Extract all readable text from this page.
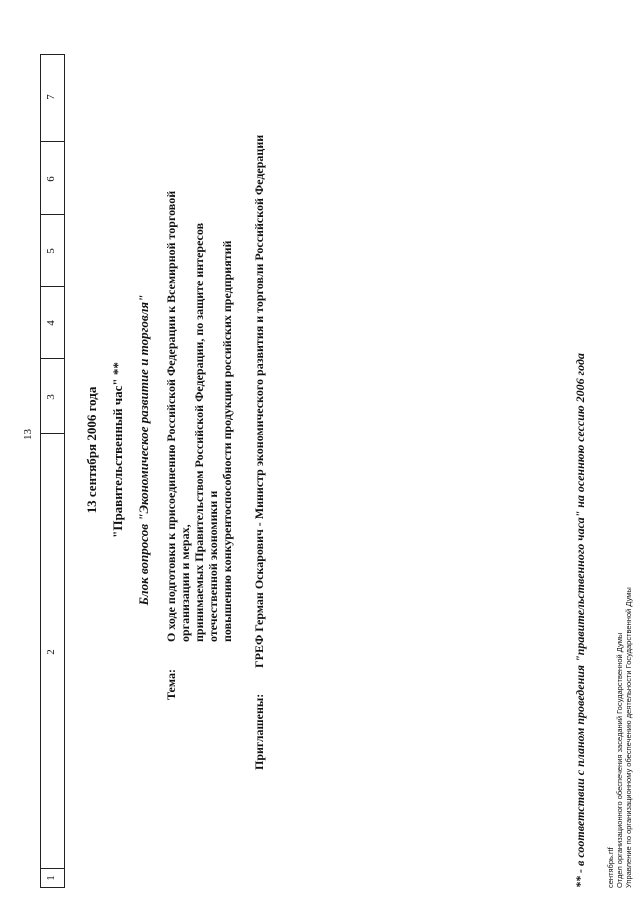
13
1
2
3
4
5
6
7
13 сентября 2006 года "Правительственный час" ** Блок вопросов "Экономическое развитие и торговля"
Тема:
О ходе подготовки к присоединению Российской Федерации к Всемирной торговой организации и мерах, принимаемых Правительством Российской Федерации, по защите интересов отечественной экономики и повышению конкурентоспособности продукции российских предприятий
Приглашены:
ГРЕФ Герман Оскарович - Министр экономического развития и торговли Российской Федерации	** - в соответствии с планом проведения "правительственного часа" на осеннюю сессию 2006 года	сентябрь.rtf Отдел организационного обеспечения заседаний Государственной Думы Управление по организационному обеспечению деятельности Государственной Думы
